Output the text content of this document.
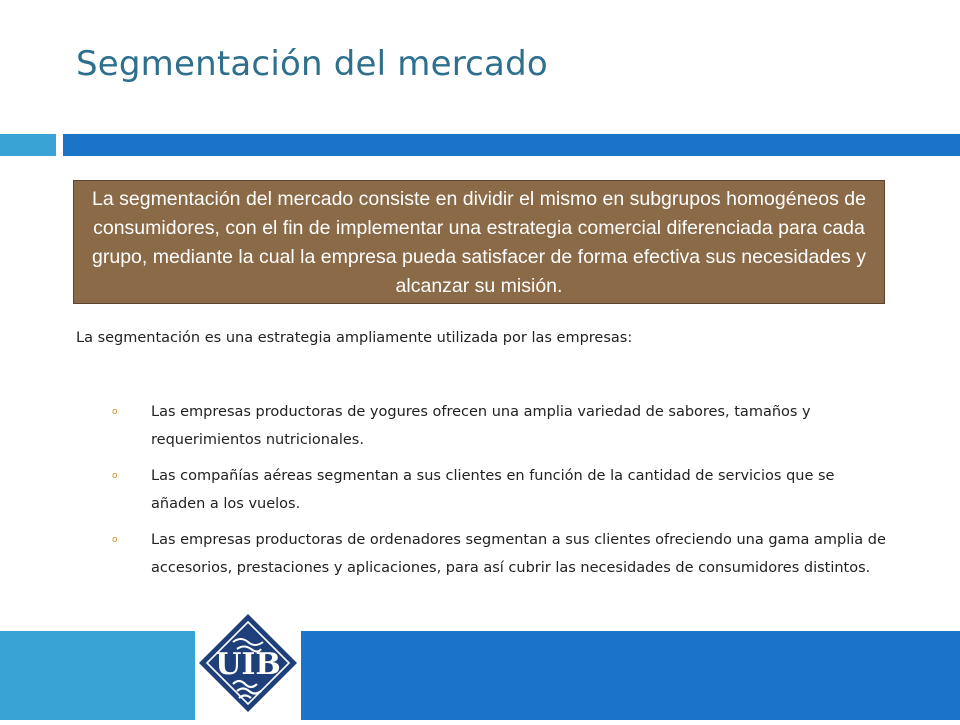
Segmentación del mercado
La segmentación del mercado consiste en dividir el mismo en subgrupos homogéneos de consumidores, con el fin de implementar una estrategia comercial diferenciada para cada grupo, mediante la cual la empresa pueda satisfacer de forma efectiva sus necesidades y alcanzar su misión.
La segmentación es una estrategia ampliamente utilizada por las empresas:
o Las empresas productoras de yogures ofrecen una amplia variedad de sabores, tamaños y requerimientos nutricionales.
o Las compañías aéreas segmentan a sus clientes en función de la cantidad de servicios que se añaden a los vuelos.
o Las empresas productoras de ordenadores segmentan a sus clientes ofreciendo una gama amplia de accesorios, prestaciones y aplicaciones, para así cubrir las necesidades de consumidores distintos.
UIB
